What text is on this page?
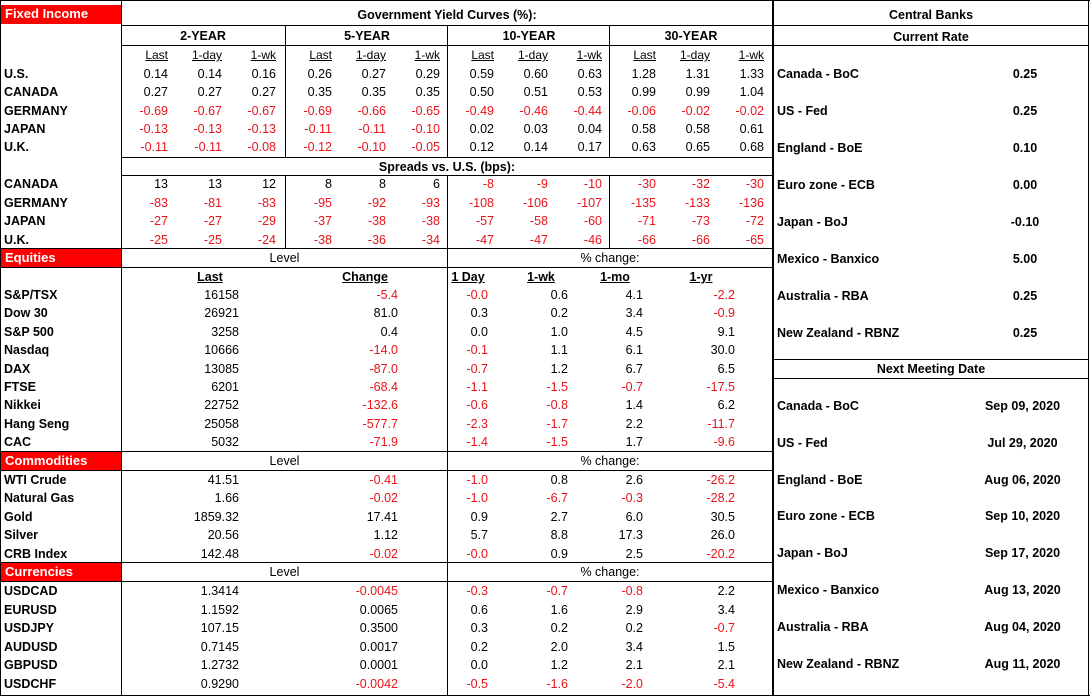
Fixed Income	Government Yield Curves (%):
Spreads vs. U.S. (bps):
Equities	Level	% change:
Commodities	Level	% change:
Currencies	Level	% change:
Central Banks
Current Rate
Next Meeting Date
2-YEAR
Last	1-day	1-wk
5-YEAR
Last	1-day	1-wk
10-YEAR
Last	1-day	1-wk
30-YEAR
Last	1-day	1-wk
U.S.	0.14	0.14	0.16	0.26	0.27	0.29	0.59	0.60	0.63	1.28	1.31	1.33
CANADA	0.27	0.27	0.27	0.35	0.35	0.35	0.50	0.51	0.53	0.99	0.99	1.04
GERMANY	-0.69	-0.67	-0.67	-0.69	-0.66	-0.65	-0.49	-0.46	-0.44	-0.06	-0.02	-0.02
JAPAN	-0.13	-0.13	-0.13	-0.11	-0.11	-0.10	0.02	0.03	0.04	0.58	0.58	0.61
U.K.	-0.11	-0.11	-0.08	-0.12	-0.10	-0.05	0.12	0.14	0.17	0.63	0.65	0.68
CANADA	13	13	12	8	8	6	-8	-9	-10	-30	-32	-30
GERMANY	-83	-81	-83	-95	-92	-93	-108	-106	-107	-135	-133	-136
JAPAN	-27	-27	-29	-37	-38	-38	-57	-58	-60	-71	-73	-72
U.K.	-25	-25	-24	-38	-36	-34	-47	-47	-46	-66	-66	-65
Last	Change	1 Day	1-wk	1-mo	1-yr
S&P/TSX	16158	-5.4	-0.0	0.6	4.1	-2.2
Dow 30	26921	81.0	0.3	0.2	3.4	-0.9
S&P 500	3258	0.4	0.0	1.0	4.5	9.1
Nasdaq	10666	-14.0	-0.1	1.1	6.1	30.0
DAX	13085	-87.0	-0.7	1.2	6.7	6.5
FTSE	6201	-68.4	-1.1	-1.5	-0.7	-17.5
Nikkei	22752	-132.6	-0.6	-0.8	1.4	6.2
Hang Seng	25058	-577.7	-2.3	-1.7	2.2	-11.7
CAC	5032	-71.9	-1.4	-1.5	1.7	-9.6
WTI Crude	41.51	-0.41	-1.0	0.8	2.6	-26.2
Natural Gas	1.66	-0.02	-1.0	-6.7	-0.3	-28.2
Gold	1859.32	17.41	0.9	2.7	6.0	30.5
Silver	20.56	1.12	5.7	8.8	17.3	26.0
CRB Index	142.48	-0.02	-0.0	0.9	2.5	-20.2
USDCAD	1.3414	-0.0045	-0.3	-0.7	-0.8	2.2
EURUSD	1.1592	0.0065	0.6	1.6	2.9	3.4
USDJPY	107.15	0.3500	0.3	0.2	0.2	-0.7
AUDUSD	0.7145	0.0017	0.2	2.0	3.4	1.5
GBPUSD	1.2732	0.0001	0.0	1.2	2.1	2.1
USDCHF	0.9290	-0.0042	-0.5	-1.6	-2.0	-5.4
Canada - BoC	0.25
US - Fed	0.25
England - BoE	0.10
Euro zone - ECB	0.00
Japan - BoJ	-0.10
Mexico - Banxico	5.00
Australia - RBA	0.25
New Zealand - RBNZ	0.25
Canada - BoC	Sep 09, 2020
US - Fed	Jul 29, 2020
England - BoE	Aug 06, 2020
Euro zone - ECB	Sep 10, 2020
Japan - BoJ	Sep 17, 2020
Mexico - Banxico	Aug 13, 2020
Australia - RBA	Aug 04, 2020
New Zealand - RBNZ	Aug 11, 2020
